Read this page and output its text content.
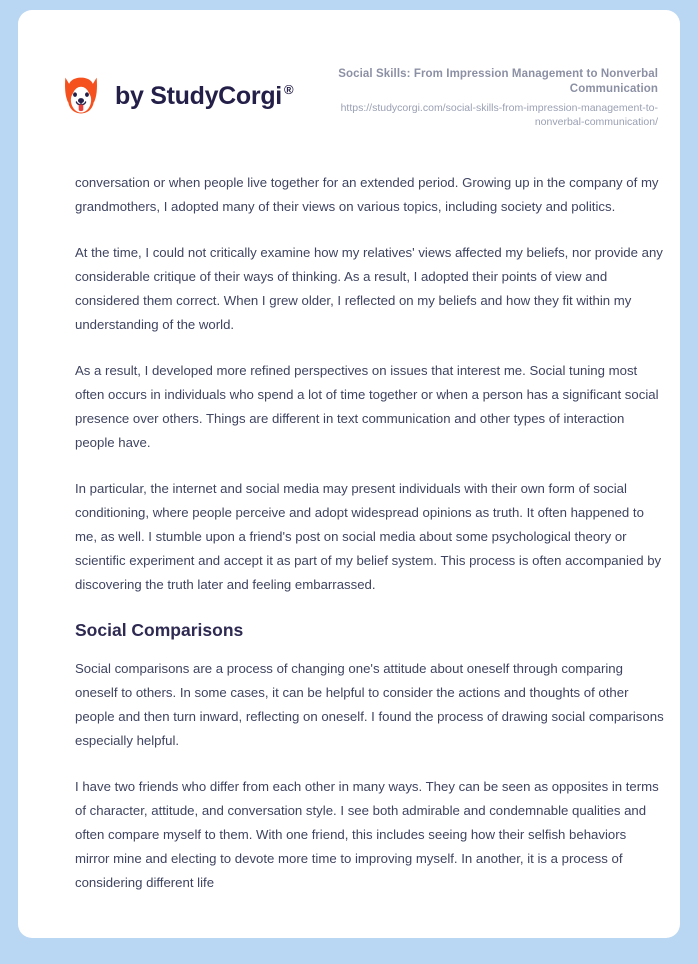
by StudyCorgi ®
Social Skills: From Impression Management to Nonverbal Communication
https://studycorgi.com/social-skills-from-impression-management-to-nonverbal-communication/

conversation or when people live together for an extended period. Growing up in the company of my grandmothers, I adopted many of their views on various topics, including society and politics.

At the time, I could not critically examine how my relatives' views affected my beliefs, nor provide any considerable critique of their ways of thinking. As a result, I adopted their points of view and considered them correct. When I grew older, I reflected on my beliefs and how they fit within my understanding of the world.

As a result, I developed more refined perspectives on issues that interest me. Social tuning most often occurs in individuals who spend a lot of time together or when a person has a significant social presence over others. Things are different in text communication and other types of interaction people have.

In particular, the internet and social media may present individuals with their own form of social conditioning, where people perceive and adopt widespread opinions as truth. It often happened to me, as well. I stumble upon a friend's post on social media about some psychological theory or scientific experiment and accept it as part of my belief system. This process is often accompanied by discovering the truth later and feeling embarrassed.

Social Comparisons

Social comparisons are a process of changing one's attitude about oneself through comparing oneself to others. In some cases, it can be helpful to consider the actions and thoughts of other people and then turn inward, reflecting on oneself. I found the process of drawing social comparisons especially helpful.

I have two friends who differ from each other in many ways. They can be seen as opposites in terms of character, attitude, and conversation style. I see both admirable and condemnable qualities and often compare myself to them. With one friend, this includes seeing how their selfish behaviors mirror mine and electing to devote more time to improving myself. In another, it is a process of considering different life
